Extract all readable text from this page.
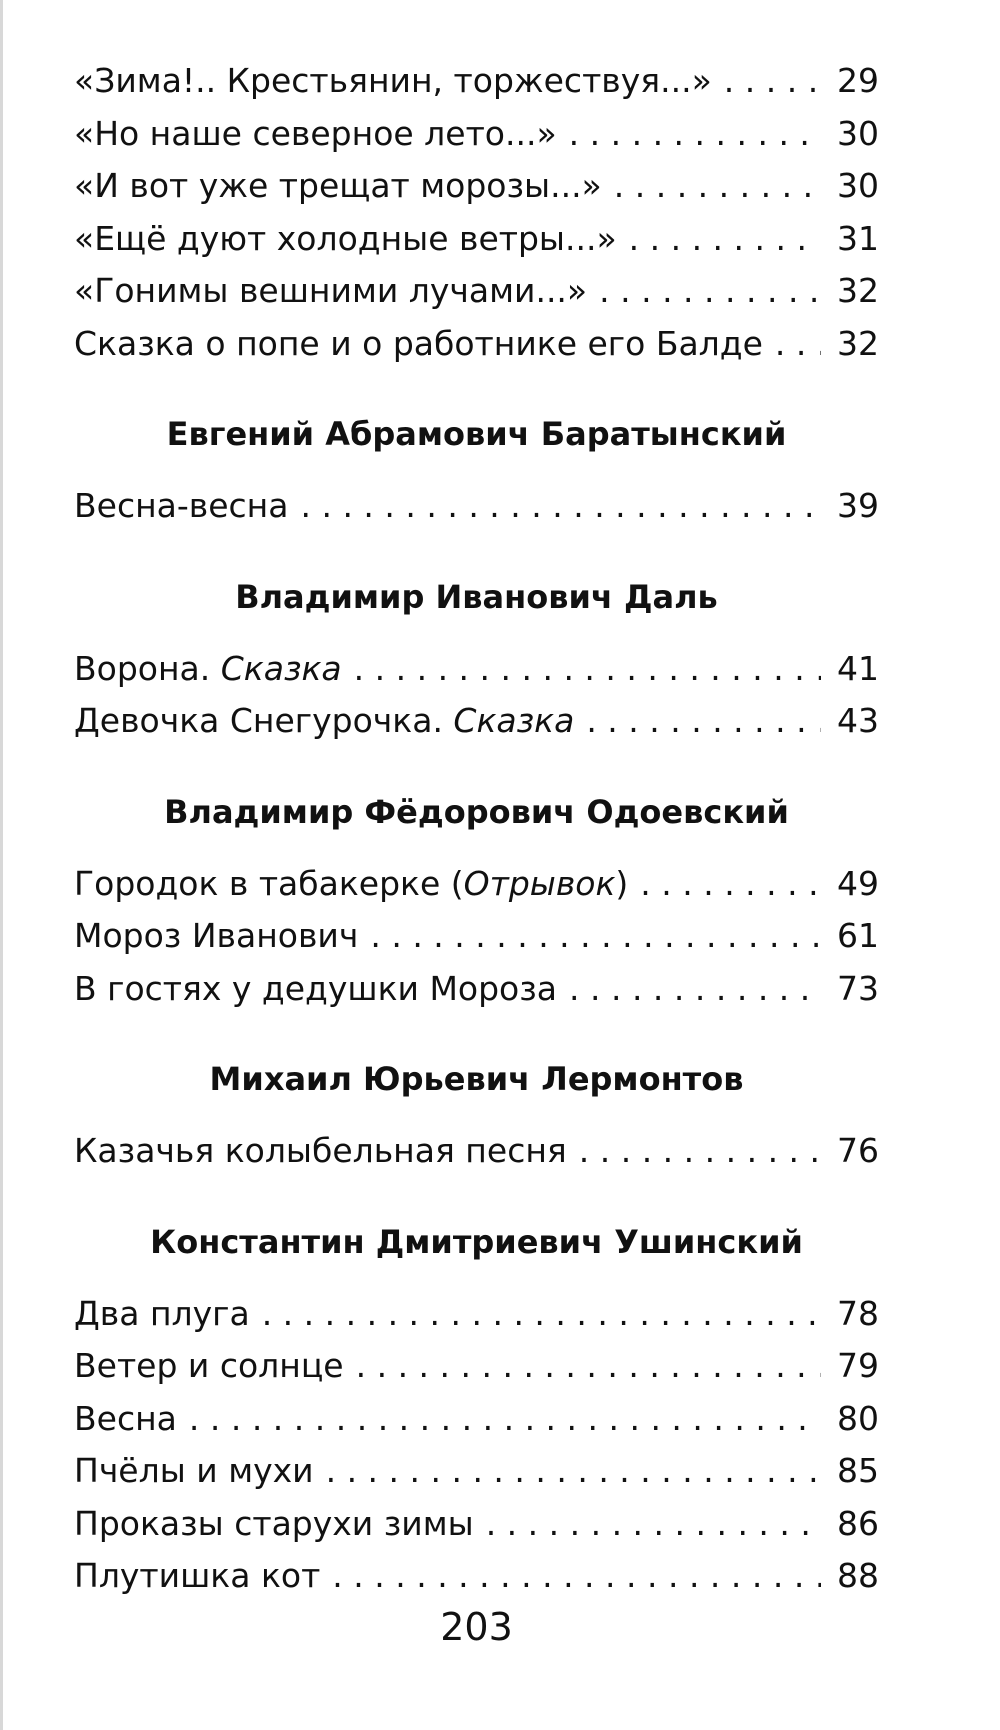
«Зима!.. Крестьянин, торжествуя...» . . .	29
«Но наше северное лето...» . . .	30
«И вот уже трещат морозы...» . . .	30
«Ещё дуют холодные ветры...» . . .	31
«Гонимы вешними лучами...» . . .	32
Сказка о попе и о работнике его Балде . . . 32
Евгений Абрамович Баратынский
Весна-весна . . .	39
Владимир Иванович Даль
Ворона. Сказка . . .	41
Девочка Снегурочка. Сказка . . .	43
Владимир Фёдорович Одоевский
Городок в табакерке (Отрывок) . . .	49
Мороз Иванович . . .	61
В гостях у дедушки Мороза . . .	73
Михаил Юрьевич Лермонтов
Казачья колыбельная песня . . .	76
Константин Дмитриевич Ушинский
Два плуга . . .	78
Ветер и солнце . . .	79
Весна . . .	80
Пчёлы и мухи . . .	85
Проказы старухи зимы . . .	86
Плутишка кот . . .	88
203
